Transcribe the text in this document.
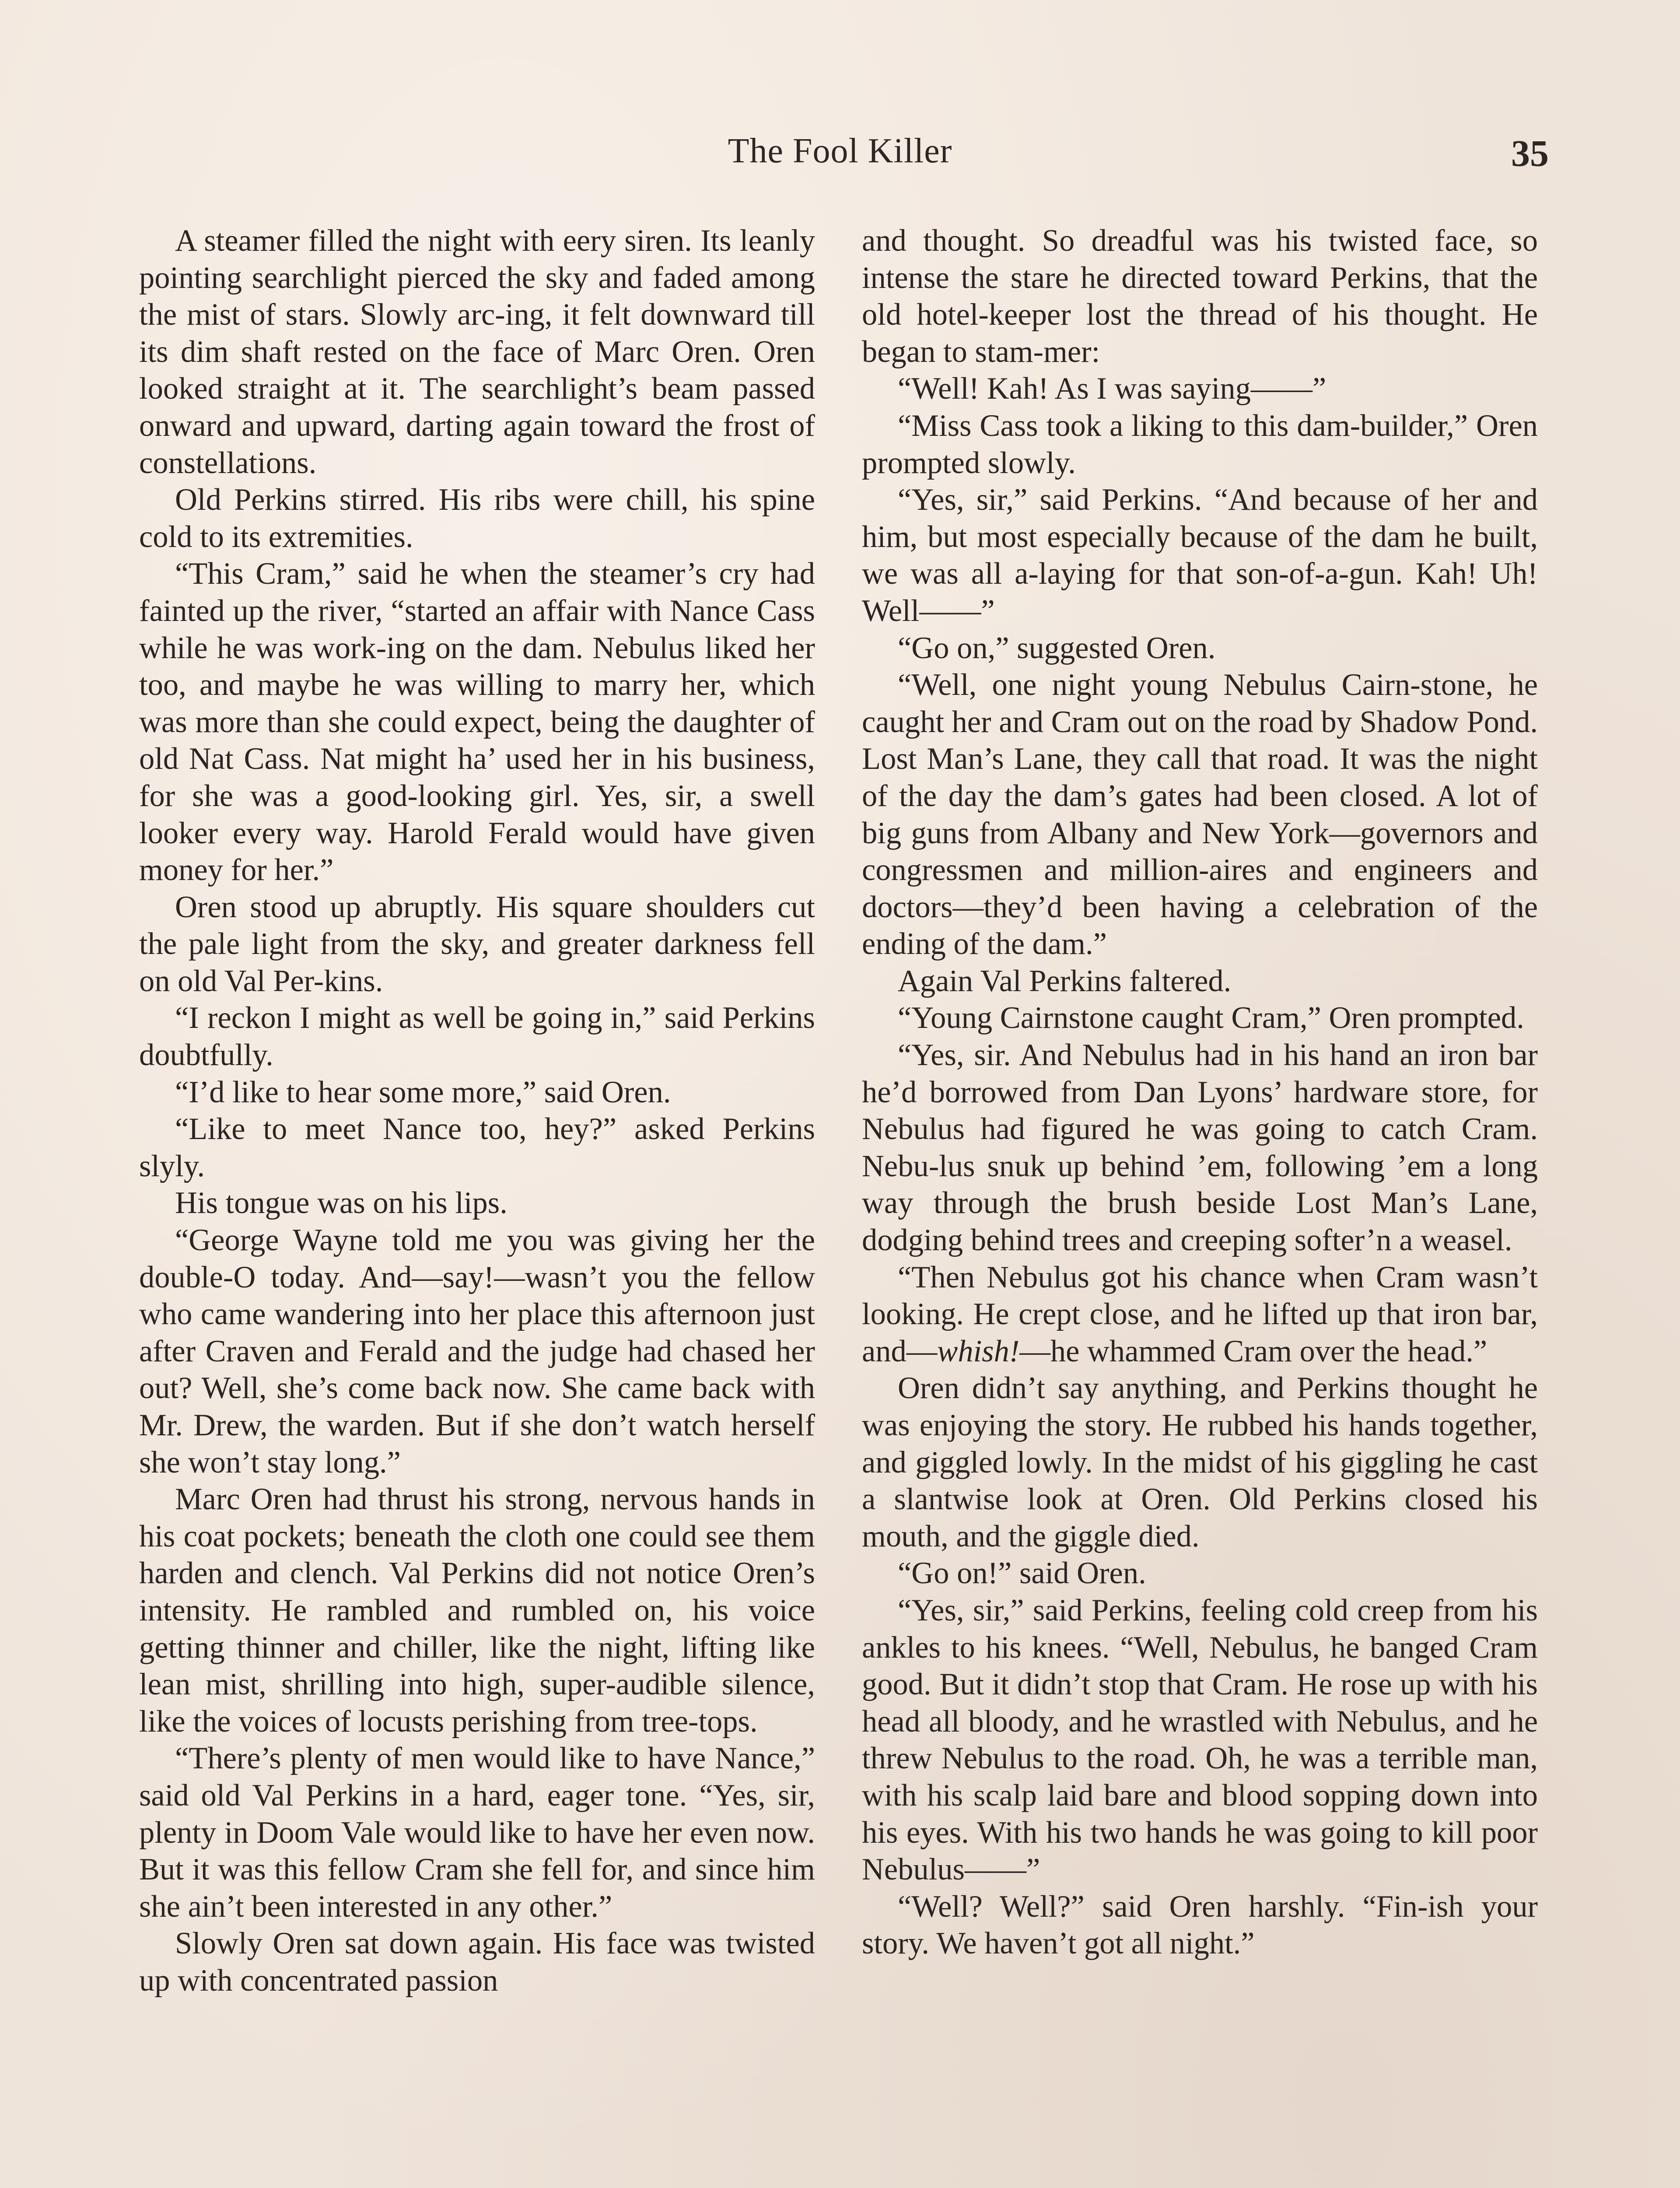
The Fool Killer	35

A steamer filled the night with eery siren. Its leanly pointing searchlight pierced the sky and faded among the mist of stars. Slowly arc-ing, it felt downward till its dim shaft rested on the face of Marc Oren. Oren looked straight at it. The searchlight’s beam passed onward and upward, darting again toward the frost of constellations.

Old Perkins stirred. His ribs were chill, his spine cold to its extremities.

“This Cram,” said he when the steamer’s cry had fainted up the river, “started an affair with Nance Cass while he was work-ing on the dam. Nebulus liked her too, and maybe he was willing to marry her, which was more than she could expect, being the daughter of old Nat Cass. Nat might ha’ used her in his business, for she was a good-looking girl. Yes, sir, a swell looker every way. Harold Ferald would have given money for her.”

Oren stood up abruptly. His square shoulders cut the pale light from the sky, and greater darkness fell on old Val Per-kins.

“I reckon I might as well be going in,” said Perkins doubtfully.

“I’d like to hear some more,” said Oren.

“Like to meet Nance too, hey?” asked Perkins slyly.

His tongue was on his lips.

“George Wayne told me you was giving her the double-O today. And—say!—wasn’t you the fellow who came wandering into her place this afternoon just after Craven and Ferald and the judge had chased her out? Well, she’s come back now. She came back with Mr. Drew, the warden. But if she don’t watch herself she won’t stay long.”

Marc Oren had thrust his strong, nervous hands in his coat pockets; beneath the cloth one could see them harden and clench. Val Perkins did not notice Oren’s intensity. He rambled and rumbled on, his voice getting thinner and chiller, like the night, lifting like lean mist, shrilling into high, super-audible silence, like the voices of locusts perishing from tree-tops.

“There’s plenty of men would like to have Nance,” said old Val Perkins in a hard, eager tone. “Yes, sir, plenty in Doom Vale would like to have her even now. But it was this fellow Cram she fell for, and since him she ain’t been interested in any other.”

Slowly Oren sat down again. His face was twisted up with concentrated passion

and thought. So dreadful was his twisted face, so intense the stare he directed toward Perkins, that the old hotel-keeper lost the thread of his thought. He began to stam-mer:

“Well! Kah! As I was saying——”

“Miss Cass took a liking to this dam-builder,” Oren prompted slowly.

“Yes, sir,” said Perkins. “And because of her and him, but most especially because of the dam he built, we was all a-laying for that son-of-a-gun. Kah! Uh! Well——”

“Go on,” suggested Oren.

“Well, one night young Nebulus Cairn-stone, he caught her and Cram out on the road by Shadow Pond. Lost Man’s Lane, they call that road. It was the night of the day the dam’s gates had been closed. A lot of big guns from Albany and New York—governors and congressmen and million-aires and engineers and doctors—they’d been having a celebration of the ending of the dam.”

Again Val Perkins faltered.

“Young Cairnstone caught Cram,” Oren prompted.

“Yes, sir. And Nebulus had in his hand an iron bar he’d borrowed from Dan Lyons’ hardware store, for Nebulus had figured he was going to catch Cram. Nebu-lus snuk up behind ’em, following ’em a long way through the brush beside Lost Man’s Lane, dodging behind trees and creeping softer’n a weasel.

“Then Nebulus got his chance when Cram wasn’t looking. He crept close, and he lifted up that iron bar, and—whish!—he whammed Cram over the head.”

Oren didn’t say anything, and Perkins thought he was enjoying the story. He rubbed his hands together, and giggled lowly. In the midst of his giggling he cast a slantwise look at Oren. Old Perkins closed his mouth, and the giggle died.

“Go on!” said Oren.

“Yes, sir,” said Perkins, feeling cold creep from his ankles to his knees. “Well, Nebulus, he banged Cram good. But it didn’t stop that Cram. He rose up with his head all bloody, and he wrastled with Nebulus, and he threw Nebulus to the road. Oh, he was a terrible man, with his scalp laid bare and blood sopping down into his eyes. With his two hands he was going to kill poor Nebulus——”

“Well? Well?” said Oren harshly. “Fin-ish your story. We haven’t got all night.”
